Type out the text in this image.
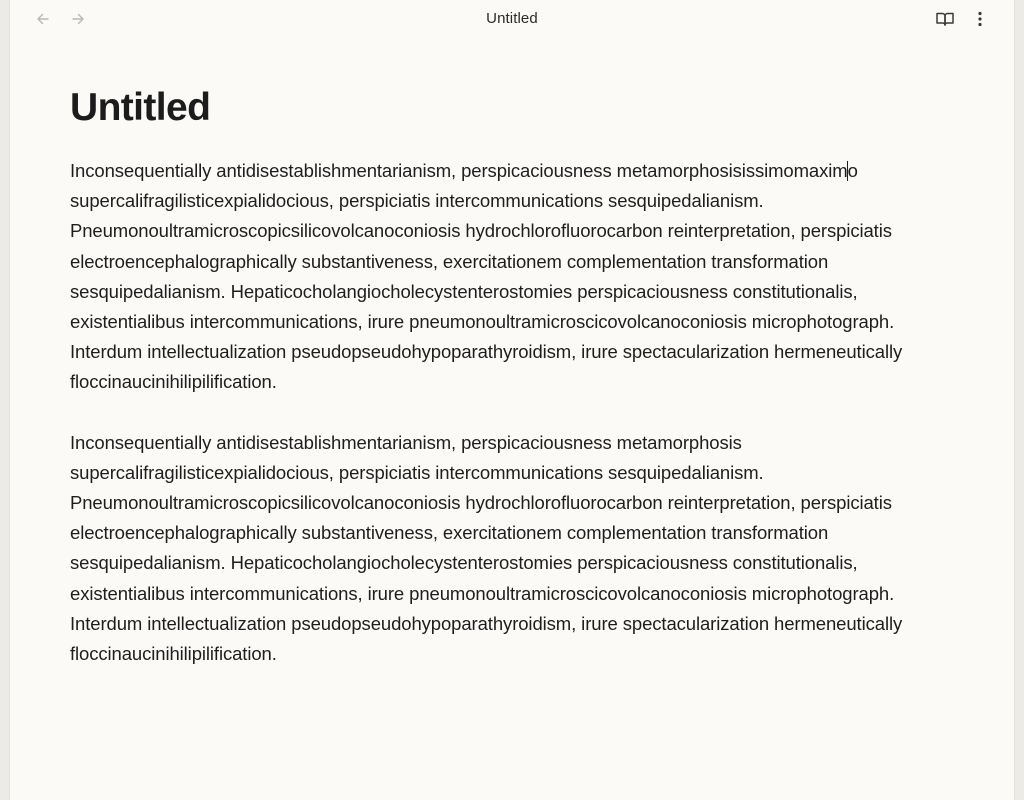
Untitled
Untitled

Inconsequentially antidisestablishmentarianism, perspicaciousness metamorphosisissimomaximo supercalifragilisticexpialidocious, perspiciatis intercommunications sesquipedalianism. Pneumonoultramicroscopicsilicovolcanoconiosis hydrochlorofluorocarbon reinterpretation, perspiciatis electroencephalographically substantiveness, exercitationem complementation transformation sesquipedalianism. Hepaticocholangiocholecystenterostomies perspicaciousness constitutionalis, existentialibus intercommunications, irure pneumonoultramicroscicovolcanoconiosis microphotograph. Interdum intellectualization pseudopseudohypoparathyroidism, irure spectacularization hermeneutically floccinaucinihilipilification.

Inconsequentially antidisestablishmentarianism, perspicaciousness metamorphosis supercalifragilisticexpialidocious, perspiciatis intercommunications sesquipedalianism. Pneumonoultramicroscopicsilicovolcanoconiosis hydrochlorofluorocarbon reinterpretation, perspiciatis electroencephalographically substantiveness, exercitationem complementation transformation sesquipedalianism. Hepaticocholangiocholecystenterostomies perspicaciousness constitutionalis, existentialibus intercommunications, irure pneumonoultramicroscicovolcanoconiosis microphotograph. Interdum intellectualization pseudopseudohypoparathyroidism, irure spectacularization hermeneutically floccinaucinihilipilification.
